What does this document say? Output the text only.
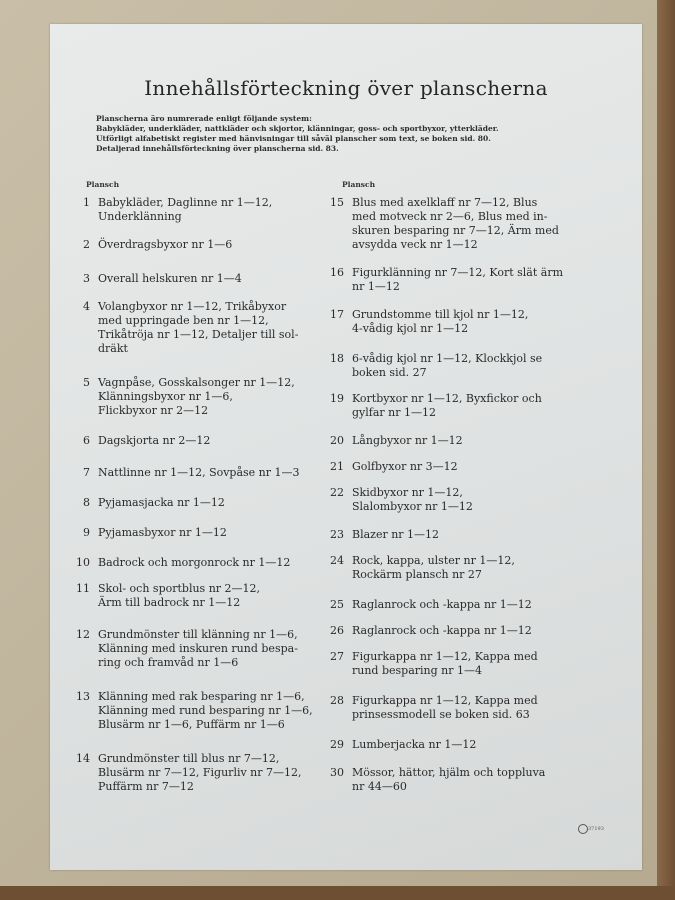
Innehållsförteckning över planscherna
Planscherna äro numrerade enligt följande system:
Babykläder, underkläder, nattkläder och skjortor, klänningar, goss- och sportbyxor, ytterkläder.
Utförligt alfabetiskt register med hänvisningar till såväl planscher som text, se boken sid. 80.
Detaljerad innehållsförteckning över planscherna sid. 83.
Plansch	Plansch
1 Babykläder, Daglinne nr 1—12,
Underklänning
2 Överdragsbyxor nr 1—6
3 Overall helskuren nr 1—4
4 Volangbyxor nr 1—12, Trikåbyxor
med uppringade ben nr 1—12,
Trikåtröja nr 1—12, Detaljer till sol-
dräkt
5 Vagnpåse, Gosskalsonger nr 1—12,
Klänningsbyxor nr 1—6,
Flickbyxor nr 2—12
6 Dagskjorta nr 2—12
7 Nattlinne nr 1—12, Sovpåse nr 1—3
8 Pyjamasjacka nr 1—12
9 Pyjamasbyxor nr 1—12
10 Badrock och morgonrock nr 1—12
11 Skol- och sportblus nr 2—12,
Ärm till badrock nr 1—12
12 Grundmönster till klänning nr 1—6,
Klänning med inskuren rund bespa-
ring och framvåd nr 1—6
13 Klänning med rak besparing nr 1—6,
Klänning med rund besparing nr 1—6,
Blusärm nr 1—6, Puffärm nr 1—6
14 Grundmönster till blus nr 7—12,
Blusärm nr 7—12, Figurliv nr 7—12,
Puffärm nr 7—12
15 Blus med axelklaff nr 7—12, Blus
med motveck nr 2—6, Blus med in-
skuren besparing nr 7—12, Ärm med
avsydda veck nr 1—12
16 Figurklänning nr 7—12, Kort slät ärm
nr 1—12
17 Grundstomme till kjol nr 1—12,
4-vådig kjol nr 1—12
18 6-vådig kjol nr 1—12, Klockkjol se
boken sid. 27
19 Kortbyxor nr 1—12, Byxfickor och
gylfar nr 1—12
20 Långbyxor nr 1—12
21 Golfbyxor nr 3—12
22 Skidbyxor nr 1—12,
Slalombyxor nr 1—12
23 Blazer nr 1—12
24 Rock, kappa, ulster nr 1—12,
Rockärm plansch nr 27
25 Raglanrock och -kappa nr 1—12
26 Raglanrock och -kappa nr 1—12
27 Figurkappa nr 1—12, Kappa med
rund besparing nr 1—4
28 Figurkappa nr 1—12, Kappa med
prinsessmodell se boken sid. 63
29 Lumberjacka nr 1—12
30 Mössor, hättor, hjälm och toppluva
nr 44—60
37193
